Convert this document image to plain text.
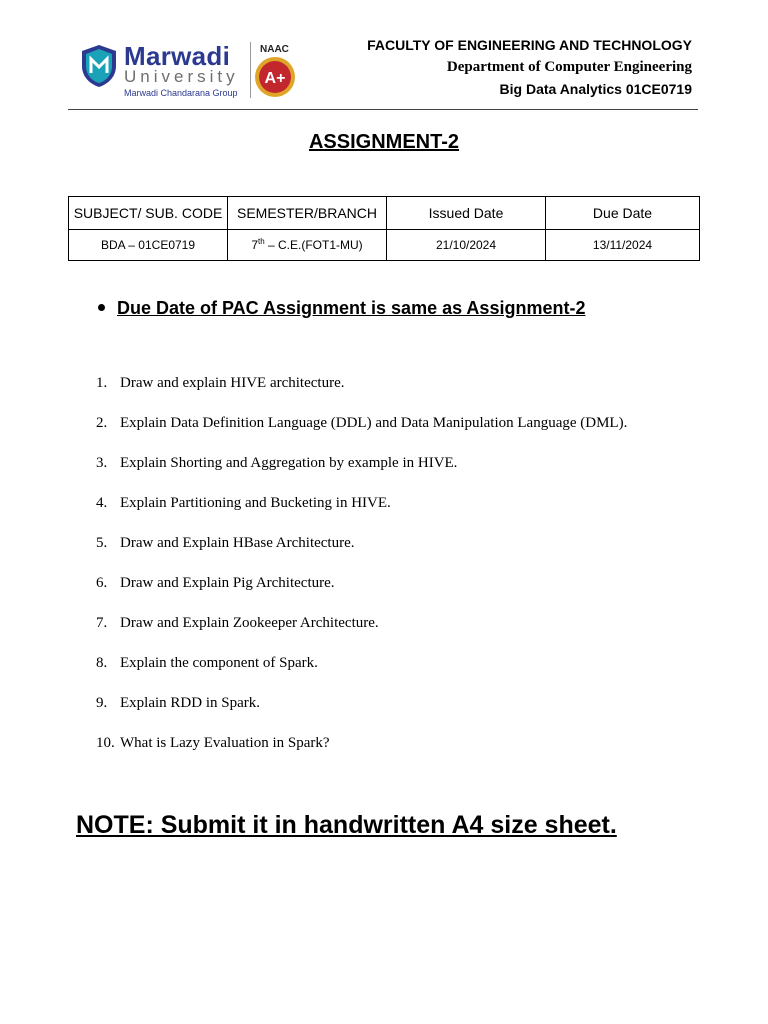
Marwadi
University
Marwadi Chandarana Group
NAAC
A+
FACULTY OF ENGINEERING AND TECHNOLOGY
Department of Computer Engineering
Big Data Analytics 01CE0719
ASSIGNMENT-2
SUBJECT/ SUB. CODE	SEMESTER/BRANCH	Issued Date	Due Date
BDA – 01CE0719	7th – C.E.(FOT1-MU)	21/10/2024	13/11/2024
Due Date of PAC Assignment is same as Assignment-2
1. Draw and explain HIVE architecture.
2. Explain Data Definition Language (DDL) and Data Manipulation Language (DML).
3. Explain Shorting and Aggregation by example in HIVE.
4. Explain Partitioning and Bucketing in HIVE.
5. Draw and Explain HBase Architecture.
6. Draw and Explain Pig Architecture.
7. Draw and Explain Zookeeper Architecture.
8. Explain the component of Spark.
9. Explain RDD in Spark.
10. What is Lazy Evaluation in Spark?
NOTE: Submit it in handwritten A4 size sheet.
